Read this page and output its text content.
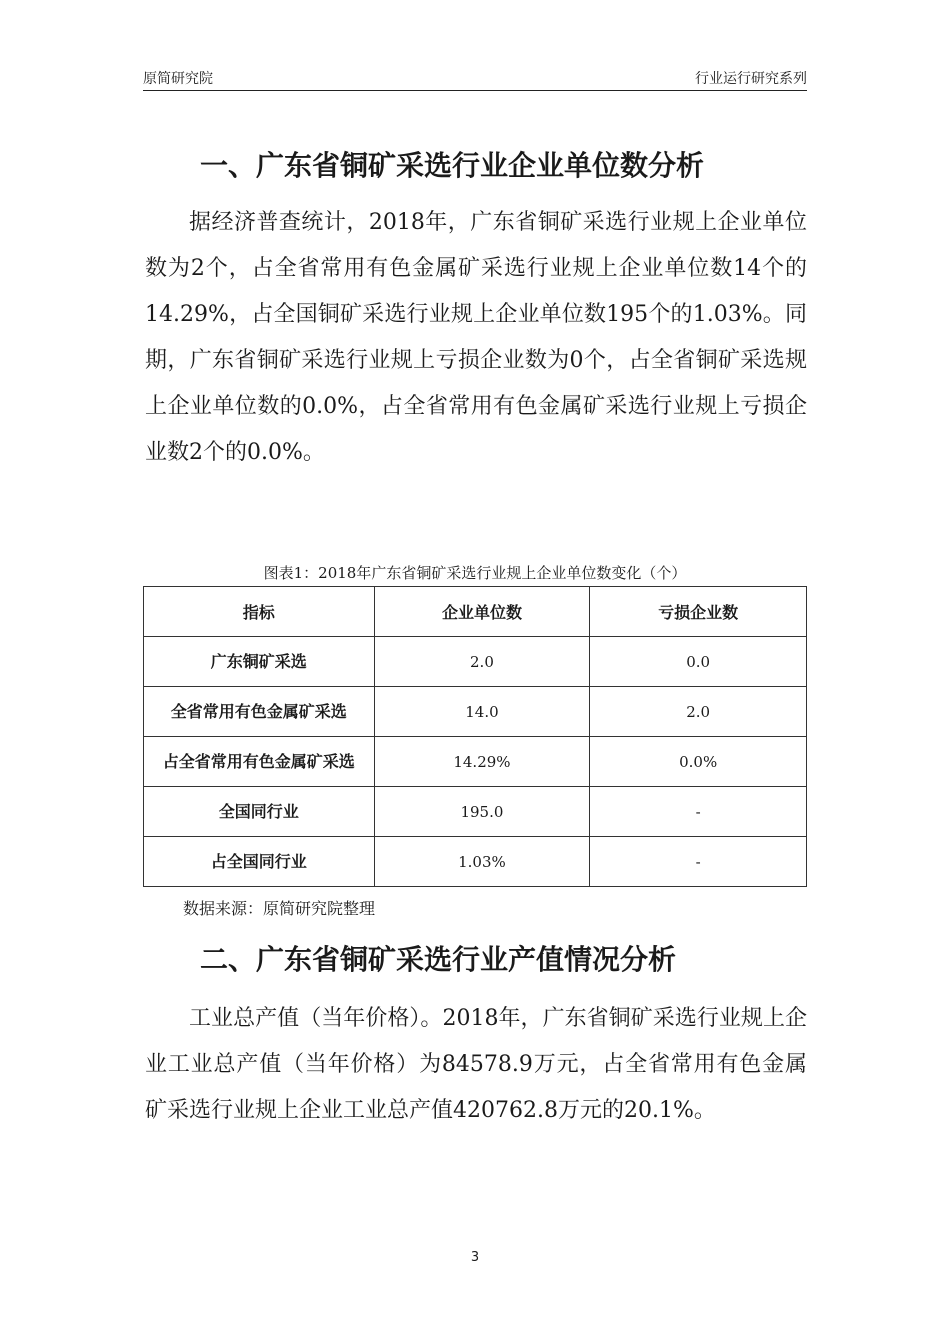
原简研究院	行业运行研究系列
一、广东省铜矿采选行业企业单位数分析

据经济普查统计，2018年，广东省铜矿采选行业规上企业单位数为2个，占全省常用有色金属矿采选行业规上企业单位数14个的14.29%，占全国铜矿采选行业规上企业单位数195个的1.03%。同期，广东省铜矿采选行业规上亏损企业数为0个，占全省铜矿采选规上企业单位数的0.0%，占全省常用有色金属矿采选行业规上亏损企业数2个的0.0%。

图表1：2018年广东省铜矿采选行业规上企业单位数变化（个）
指标	企业单位数	亏损企业数
广东铜矿采选	2.0	0.0
全省常用有色金属矿采选	14.0	2.0
占全省常用有色金属矿采选	14.29%	0.0%
全国同行业	195.0	-
占全国同行业	1.03%	-
数据来源：原简研究院整理
二、广东省铜矿采选行业产值情况分析

工业总产值（当年价格）。2018年，广东省铜矿采选行业规上企业工业总产值（当年价格）为84578.9万元，占全省常用有色金属矿采选行业规上企业工业总产值420762.8万元的20.1%。

3
